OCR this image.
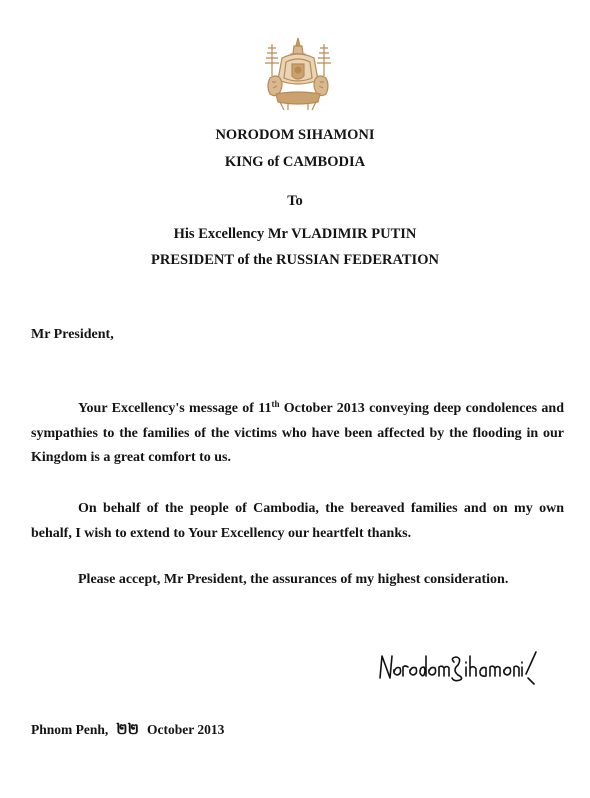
NORODOM SIHAMONI
KING of CAMBODIA
To
His Excellency Mr VLADIMIR PUTIN
PRESIDENT of the RUSSIAN FEDERATION
Mr President,
Your Excellency's message of 11th October 2013 conveying deep condolences and sympathies to the families of the victims who have been affected by the flooding in our Kingdom is a great comfort to us.
On behalf of the people of Cambodia, the bereaved families and on my own behalf, I wish to extend to Your Excellency our heartfelt thanks.
Please accept, Mr President, the assurances of my highest consideration.
Phnom Penh, ២២ October 2013
